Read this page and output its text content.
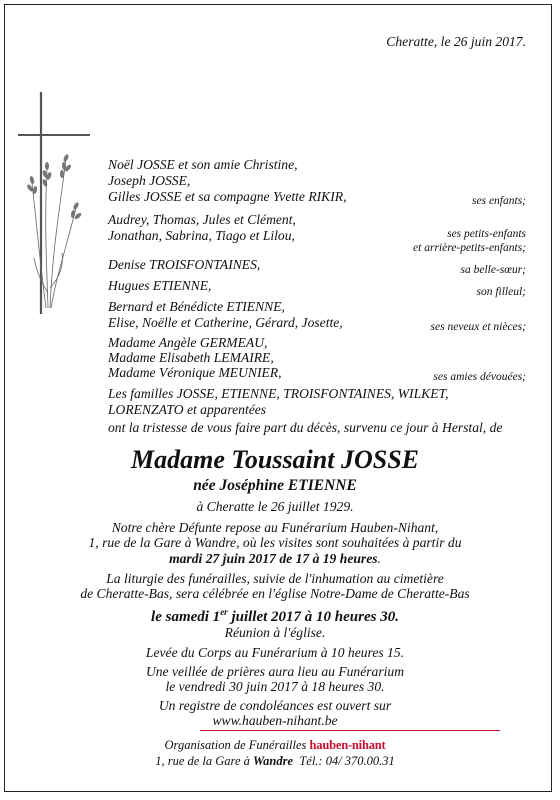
Cheratte, le 26 juin 2017.
Noël JOSSE et son amie Christine,
Joseph JOSSE,
Gilles JOSSE et sa compagne Yvette RIKIR,	ses enfants;
Audrey, Thomas, Jules et Clément,
Jonathan, Sabrina, Tiago et Lilou,	ses petits-enfants
et arrière-petits-enfants;
Denise TROISFONTAINES,	sa belle-sœur;
Hugues ETIENNE,	son filleul;
Bernard et Bénédicte ETIENNE,
Elise, Noëlle et Catherine, Gérard, Josette,	ses neveux et nièces;
Madame Angèle GERMEAU,
Madame Elisabeth LEMAIRE,
Madame Véronique MEUNIER,	ses amies dévouées;
Les familles JOSSE, ETIENNE, TROISFONTAINES, WILKET,
LORENZATO et apparentées
ont la tristesse de vous faire part du décès, survenu ce jour à Herstal, de
Madame Toussaint JOSSE
née Joséphine ETIENNE
à Cheratte le 26 juillet 1929.
Notre chère Défunte repose au Funérarium Hauben-Nihant,
1, rue de la Gare à Wandre, où les visites sont souhaitées à partir du
mardi 27 juin 2017 de 17 à 19 heures.
La liturgie des funérailles, suivie de l'inhumation au cimetière
de Cheratte-Bas, sera célébrée en l'église Notre-Dame de Cheratte-Bas
le samedi 1er juillet 2017 à 10 heures 30.
Réunion à l'église.
Levée du Corps au Funérarium à 10 heures 15.
Une veillée de prières aura lieu au Funérarium
le vendredi 30 juin 2017 à 18 heures 30.
Un registre de condoléances est ouvert sur
www.hauben-nihant.be
Organisation de Funérailles hauben-nihant
1, rue de la Gare à Wandre Tél.: 04/ 370.00.31
